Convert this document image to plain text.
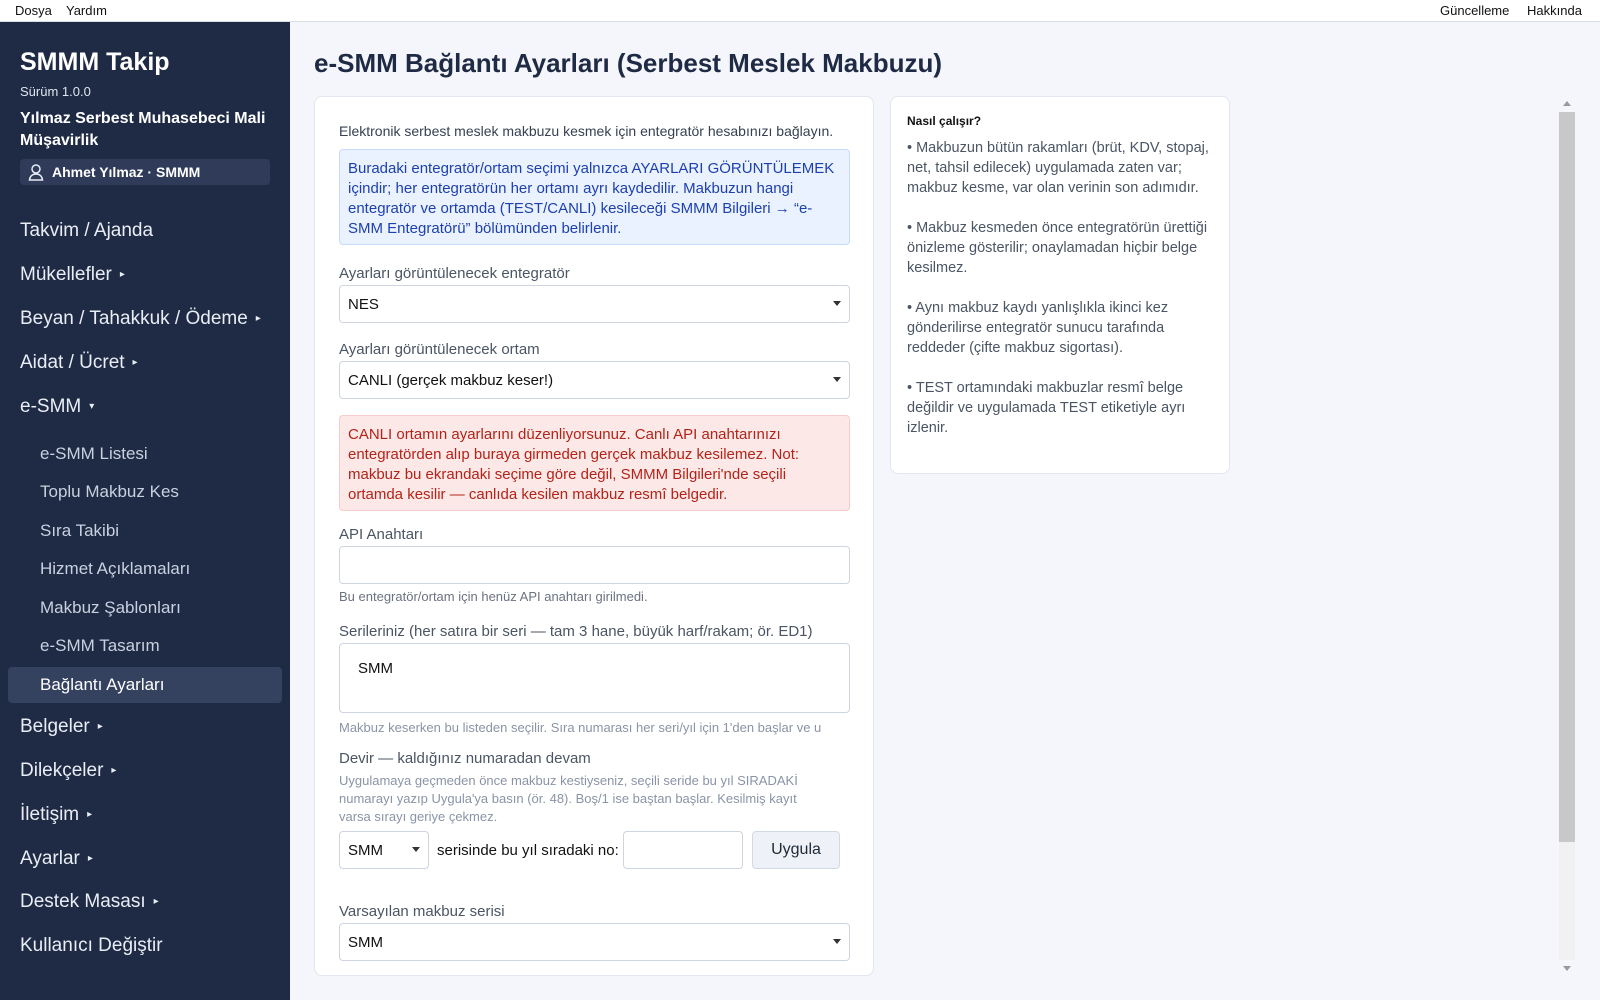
Dosya Yardım	Güncelleme Hakkında
SMMM Takip
Sürüm 1.0.0
Yılmaz Serbest Muhasebeci Mali Müşavirlik
Ahmet Yılmaz · SMMM
Takvim / Ajanda
Mükellefler ▸
Beyan / Tahakkuk / Ödeme ▸
Aidat / Ücret ▸
e-SMM ▾
e-SMM Listesi
Toplu Makbuz Kes
Sıra Takibi
Hizmet Açıklamaları
Makbuz Şablonları
e-SMM Tasarım
Bağlantı Ayarları
Belgeler ▸
Dilekçeler ▸
İletişim ▸
Ayarlar ▸
Destek Masası ▸
Kullanıcı Değiştir
e-SMM Bağlantı Ayarları (Serbest Meslek Makbuzu)
Elektronik serbest meslek makbuzu kesmek için entegratör hesabınızı bağlayın.
Buradaki entegratör/ortam seçimi yalnızca AYARLARI GÖRÜNTÜLEMEK içindir; her entegratörün her ortamı ayrı kaydedilir. Makbuzun hangi entegratör ve ortamda (TEST/CANLI) kesileceği SMMM Bilgileri → “e-SMM Entegratörü” bölümünden belirlenir.
Ayarları görüntülenecek entegratör
NES
Ayarları görüntülenecek ortam
CANLI (gerçek makbuz keser!)
CANLI ortamın ayarlarını düzenliyorsunuz. Canlı API anahtarınızı entegratörden alıp buraya girmeden gerçek makbuz kesilemez. Not: makbuz bu ekrandaki seçime göre değil, SMMM Bilgileri'nde seçili ortamda kesilir — canlıda kesilen makbuz resmî belgedir.
API Anahtarı
Bu entegratör/ortam için henüz API anahtarı girilmedi.
Serileriniz (her satıra bir seri — tam 3 hane, büyük harf/rakam; ör. ED1)
SMM
Makbuz keserken bu listeden seçilir. Sıra numarası her seri/yıl için 1'den başlar ve u
Devir — kaldığınız numaradan devam
Uygulamaya geçmeden önce makbuz kestiyseniz, seçili seride bu yıl SIRADAKİ numarayı yazıp Uygula'ya basın (ör. 48). Boş/1 ise baştan başlar. Kesilmiş kayıt varsa sırayı geriye çekmez.
SMM	serisinde bu yıl sıradaki no:	Uygula
Varsayılan makbuz serisi
SMM
Nasıl çalışır?

• Makbuzun bütün rakamları (brüt, KDV, stopaj, net, tahsil edilecek) uygulamada zaten var; makbuz kesme, var olan verinin son adımıdır.

• Makbuz kesmeden önce entegratörün ürettiği önizleme gösterilir; onaylamadan hiçbir belge kesilmez.

• Aynı makbuz kaydı yanlışlıkla ikinci kez gönderilirse entegratör sunucu tarafında reddeder (çifte makbuz sigortası).

• TEST ortamındaki makbuzlar resmî belge değildir ve uygulamada TEST etiketiyle ayrı izlenir.
